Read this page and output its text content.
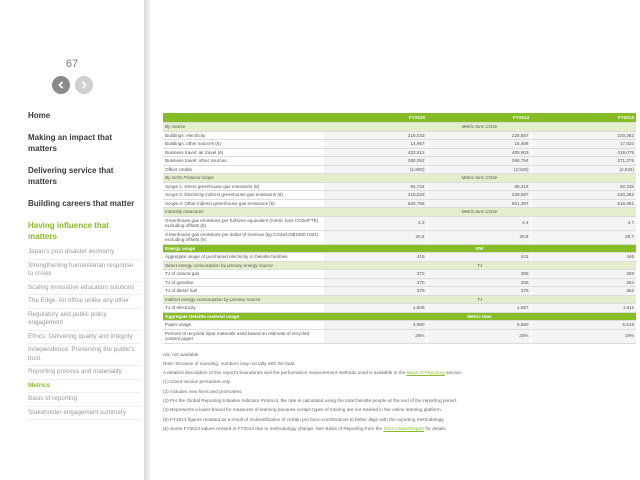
67
Home
Making an impact that matters
Delivering service that matters
Building careers that matter
Having influence that matters
Japan's post disaster economy
Strengthening humanitarian response to crises
Scaling innovative education solutions
The Edge: An office unlike any other
Regulatory and public policy engagement
Ethics: Delivering quality and integrity
Independence: Preserving the public's trust
Reporting process and materiality
Metrics
Basis of reporting
Stakeholder engagement summary
	FY2015	FY2014	FY2013
By source	Metric tons CO2e		
Buildings: electricity	218,033	228,587	220,382
Buildings: other sources (6)	14,957	15,469	17,624
Business travel: air travel (6)	422,512	405,903	418,079
Business travel: other sources	280,052	266,754	271,275
Offset credits	(1,900)	(2,528)	(2,532)
By GHG Protocol scope	Metric tons CO2e		
Scope 1: Direct greenhouse gas emissions (6)	84,724	85,319	92,318
Scope 2: Electricity indirect greenhouse gas emissions (6)	218,033	228,587	220,382
Scope 3: Other indirect greenhouse gas emissions (6)	632,796	601,397	616,861
Intensity measures	Metric tons CO2e		
Greenhouse gas emissions per full-time equivalent (metric tons CO2e/FTE) excluding offsets (6)	4.2	4.4	4.7
Greenhouse gas emissions per dollar of revenue (kg CO2e/US$1000 USD) excluding offsets (6)	26.5	26.8	28.7
Energy usage	GW		
Aggregate usage of purchased electricity in Deloitte facilities	419	441	446
Direct energy consumption by primary energy source	TJ		
TJ of natural gas	372	305	289
TJ of gasoline	270	256	254
TJ of diesel fuel	379	376	352
Indirect energy consumption by primary source	TJ		
TJ of electricity	1,509	1,587	1,611
Aggregate Deloitte material usage	Metric tons		
Paper usage	4,950	5,580	5,519
Percent of recycled input materials used based on estimate of recycled content paper	26%	20%	19%
n/a: not available
Note: because of rounding, numbers may not tally with the total.
A detailed description of this report's boundaries and the performance measurement methods used is available in the Basis of Reporting section.
(1) Client service personnel only.
(2) Includes new hires and promotees.
(3) Per the Global Reporting Initiative Indicator Protocol, the rate is calculated using the total Deloitte people at the end of the reporting period.
(4) Represents a lower bound for measures of learning because certain types of training are not tracked in the online learning platform.
(5) FY2013 figures restated as a result of reclassification of certain pro bono contributions to better align with the reporting methodology.
(6) Some FY2013 values revised in FY2014 due to methodology change. See Basis of Reporting from the 2014 Global Report for details.
